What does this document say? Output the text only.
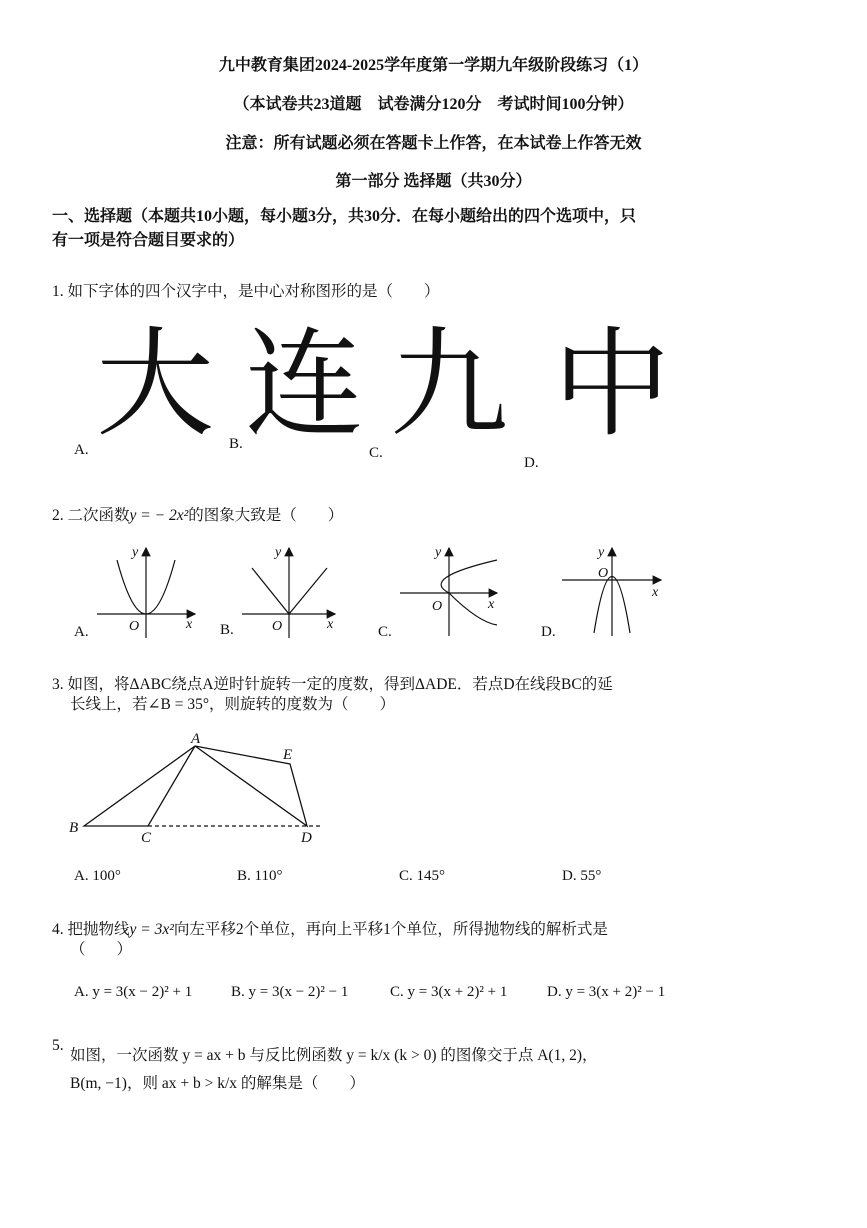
九中教育集团2024-2025学年度第一学期九年级阶段练习（1）
（本试卷共23道题　试卷满分120分　考试时间100分钟）
注意：所有试题必须在答题卡上作答，在本试卷上作答无效
第一部分 选择题（共30分）
一、选择题（本题共10小题，每小题3分，共30分．在每小题给出的四个选项中，只
有一项是符合题目要求的）
1. 如下字体的四个汉字中，是中心对称图形的是（　　）
大 连 九 中
A.	B.
C.
D.
2. 二次函数y = − 2x²的图象大致是（　　）
x
y
O	x
y
O
x
y
O
x
y
O
A.	B.	C.	D.
3. 如图，将ΔABC绕点A逆时针旋转一定的度数，得到ΔADE．若点D在线段BC的延
长线上，若∠B = 35°，则旋转的度数为（　　）
A
B
C	D
E
A. 100°	B. 110°	C. 145°	D. 55°
4. 把抛物线y = 3x²向左平移2个单位，再向上平移1个单位，所得抛物线的解析式是
（　　）
A. y = 3(x − 2)² + 1	B. y = 3(x − 2)² − 1	C. y = 3(x + 2)² + 1	D. y = 3(x + 2)² − 1
5.
如图，一次函数 y = ax + b 与反比例函数 y = k/x (k > 0) 的图像交于点 A(1, 2)，
B(m, −1)，则 ax + b > k/x 的解集是（　　）
